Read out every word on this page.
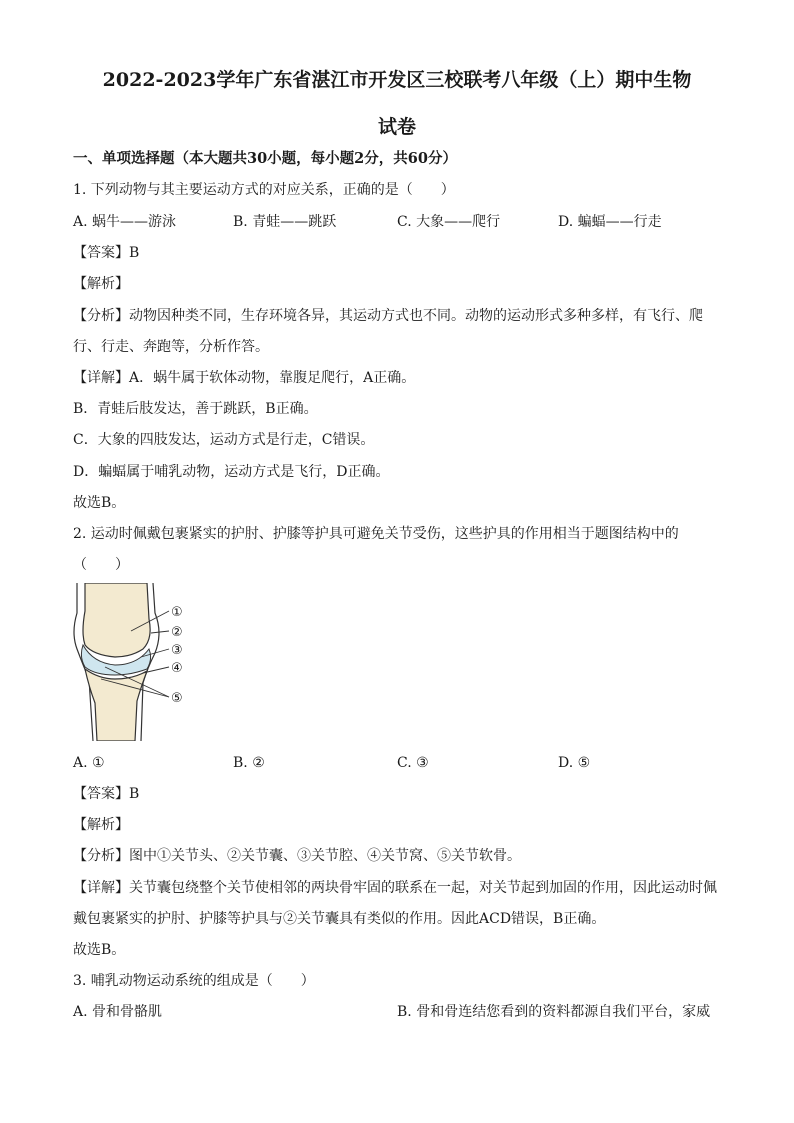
2022-2023学年广东省湛江市开发区三校联考八年级（上）期中生物
试卷
一、单项选择题（本大题共30小题，每小题2分，共60分）
1. 下列动物与其主要运动方式的对应关系，正确的是（　　）
A. 蜗牛——游泳	B. 青蛙——跳跃	C. 大象——爬行	D. 蝙蝠——行走
【答案】B
【解析】
【分析】动物因种类不同，生存环境各异，其运动方式也不同。动物的运动形式多种多样，有飞行、爬
行、行走、奔跑等，分析作答。
【详解】A．蜗牛属于软体动物，靠腹足爬行，A正确。
B．青蛙后肢发达，善于跳跃，B正确。
C．大象的四肢发达，运动方式是行走，C错误。
D．蝙蝠属于哺乳动物，运动方式是飞行，D正确。
故选B。
2. 运动时佩戴包裹紧实的护肘、护膝等护具可避免关节受伤，这些护具的作用相当于题图结构中的
（　　）
①
②
③
④
⑤
A. ①	B. ②	C. ③	D. ⑤
【答案】B
【解析】
【分析】图中①关节头、②关节囊、③关节腔、④关节窝、⑤关节软骨。
【详解】关节囊包绕整个关节使相邻的两块骨牢固的联系在一起，对关节起到加固的作用，因此运动时佩
戴包裹紧实的护肘、护膝等护具与②关节囊具有类似的作用。因此ACD错误，B正确。
故选B。
3. 哺乳动物运动系统的组成是（　　）
A. 骨和骨骼肌	B. 骨和骨连结您看到的资料都源自我们平台，家威
